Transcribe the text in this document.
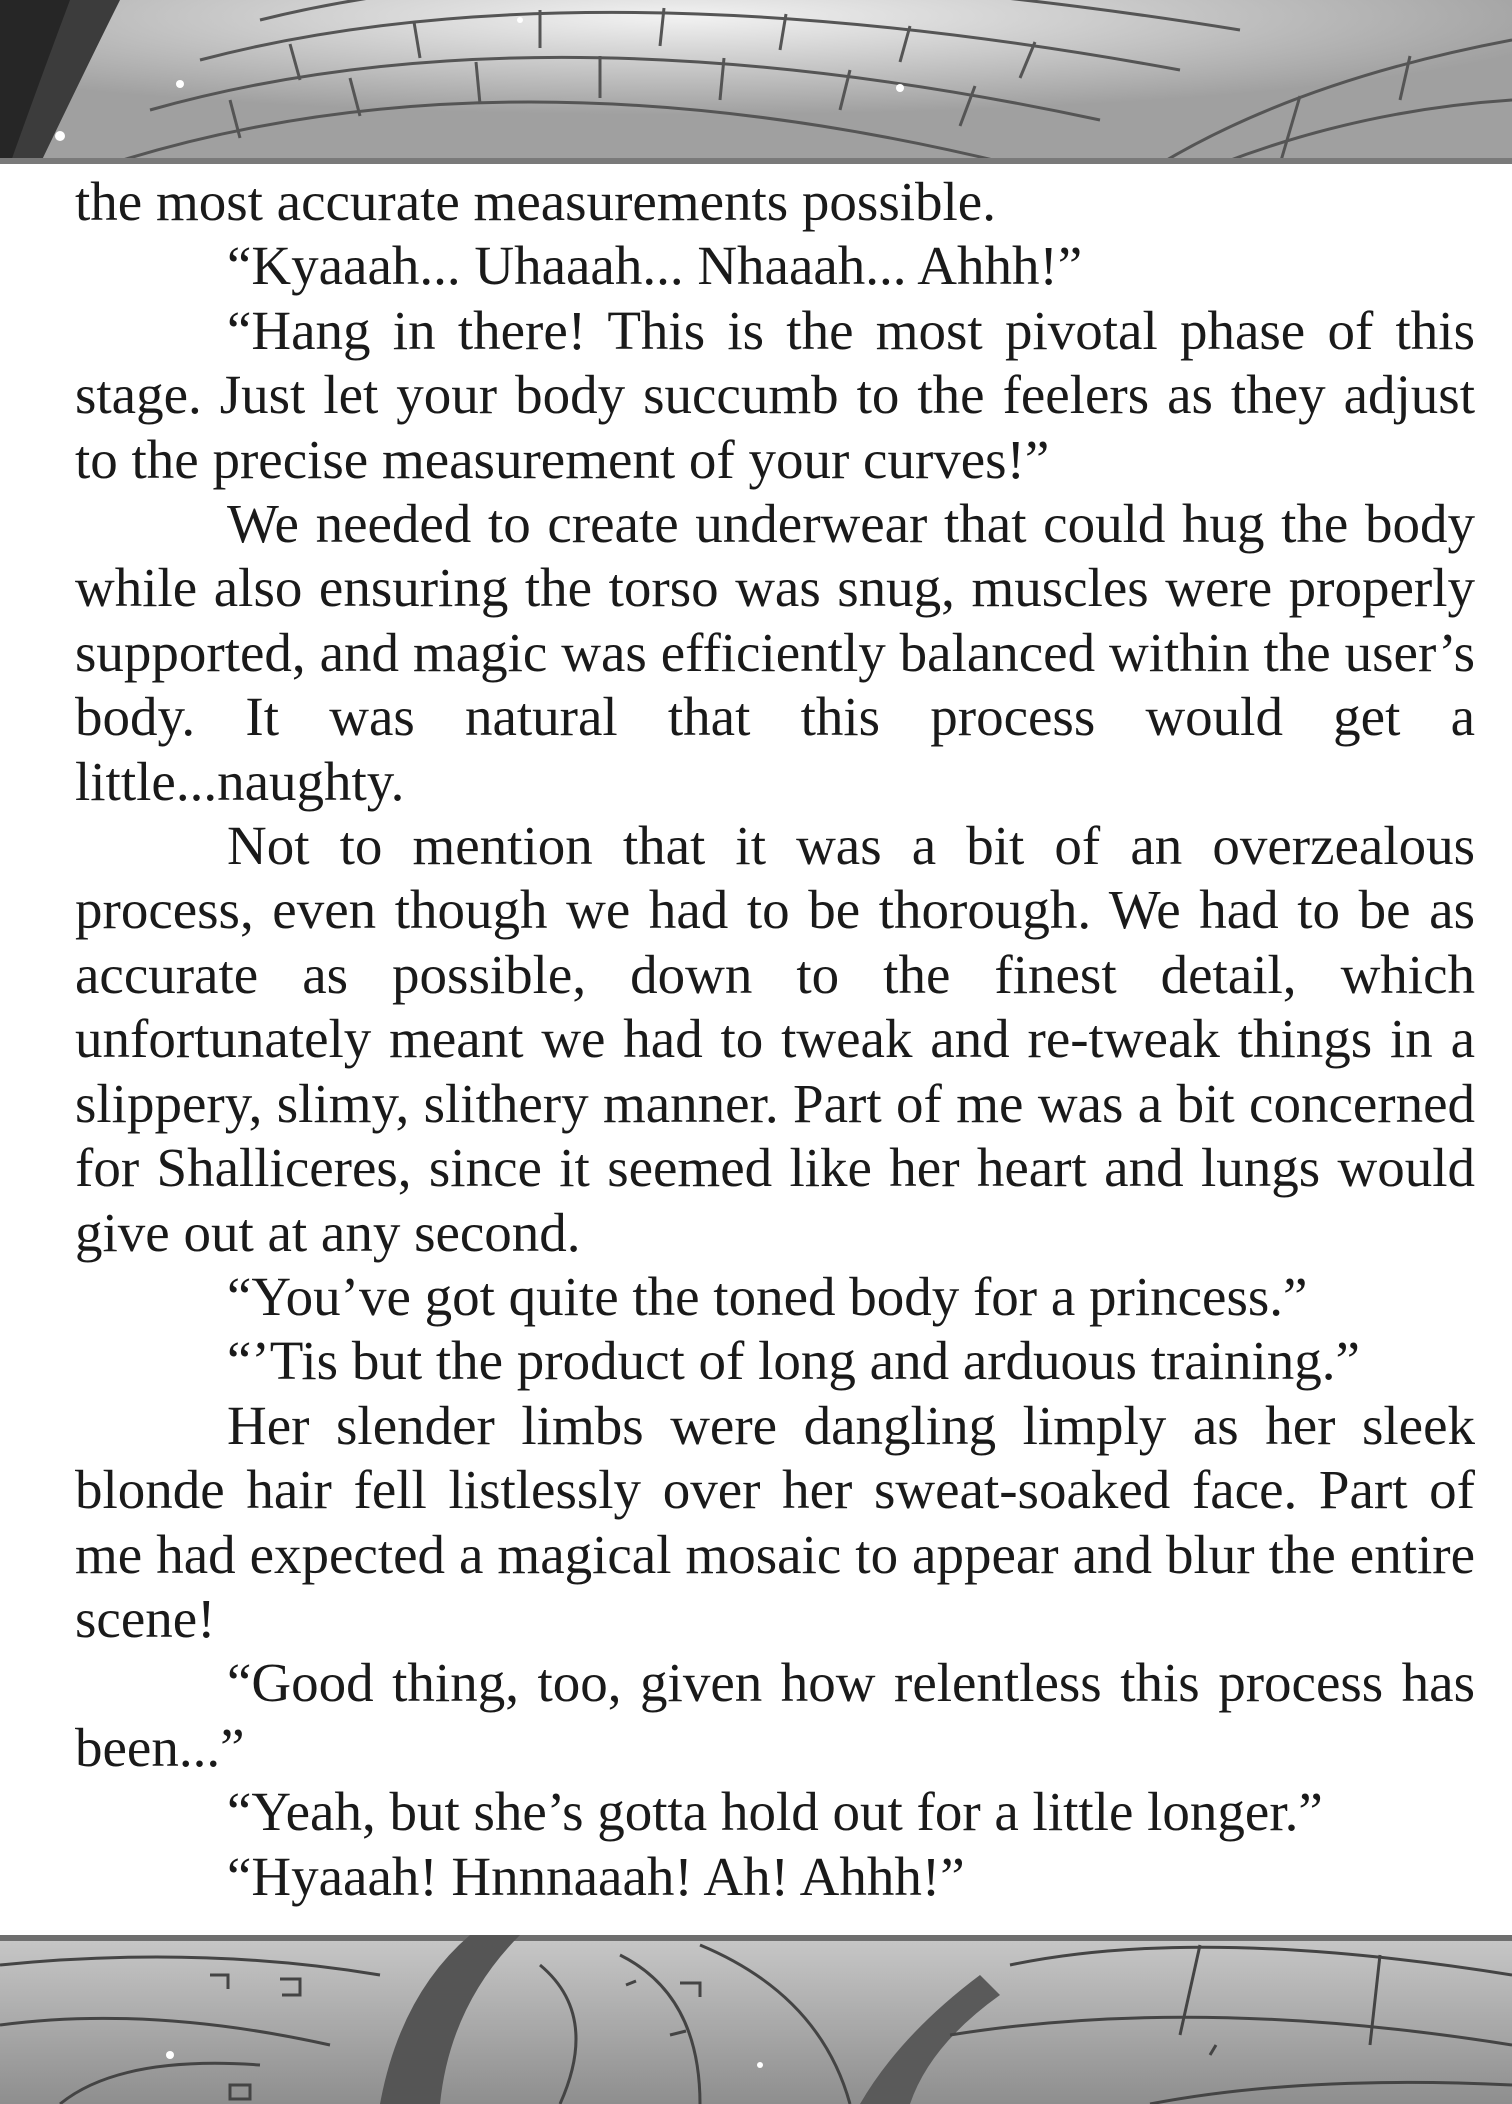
the most accurate measurements possible.

“Kyaaah... Uhaaah... Nhaaah... Ahhh!”

“Hang in there! This is the most pivotal phase of this stage. Just let your body succumb to the feelers as they adjust to the precise measurement of your curves!”

We needed to create underwear that could hug the body while also ensuring the torso was snug, muscles were properly supported, and magic was efficiently balanced within the user’s body. It was natural that this process would get a little...naughty.

Not to mention that it was a bit of an overzealous process, even though we had to be thorough. We had to be as accurate as possible, down to the finest detail, which unfortunately meant we had to tweak and re-tweak things in a slippery, slimy, slithery manner. Part of me was a bit concerned for Shalliceres, since it seemed like her heart and lungs would give out at any second.

“You’ve got quite the toned body for a princess.”

“’Tis but the product of long and arduous training.”

Her slender limbs were dangling limply as her sleek blonde hair fell listlessly over her sweat-soaked face. Part of me had expected a magical mosaic to appear and blur the entire scene!

“Good thing, too, given how relentless this process has been...”

“Yeah, but she’s gotta hold out for a little longer.”

“Hyaaah! Hnnnaaah! Ah! Ahhh!”
